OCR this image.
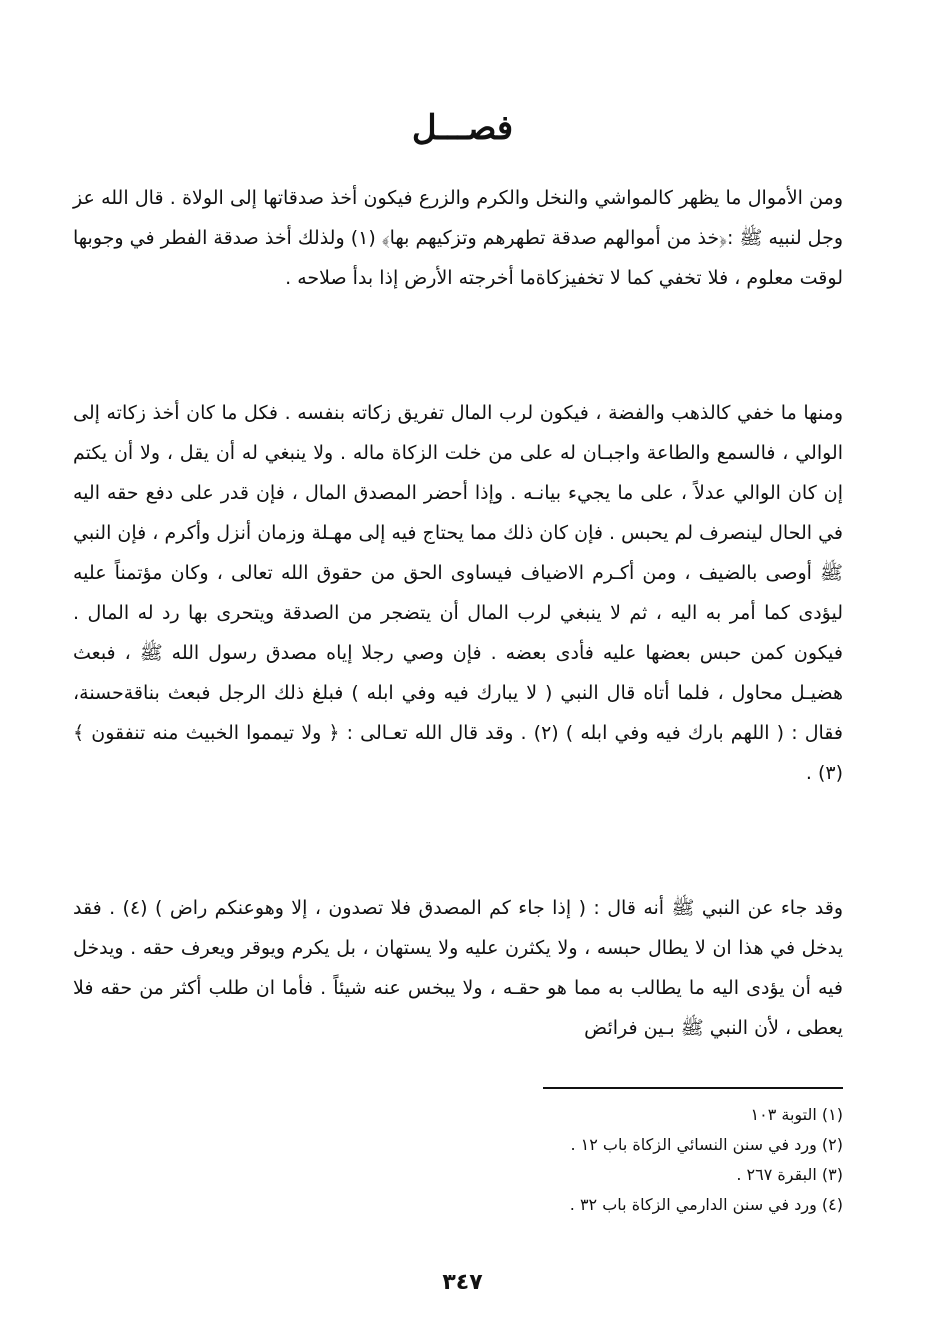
فصـــل

ومن الأموال ما يظهر كالمواشي والنخل والكرم والزرع فيكون أخذ صدقاتها إلى الولاة . قال الله عز وجل لنبيه ﷺ :﴿خذ من أموالهم صدقة تطهرهم وتزكيهم بها﴾ (١) ولذلك أخذ صدقة الفطر في وجوبها لوقت معلوم ، فلا تخفي كما لا تخفيزكاةما أخرجته الأرض إذا بدأ صلاحه .

ومنها ما خفي كالذهب والفضة ، فيكون لرب المال تفريق زكاته بنفسه . فكل ما كان أخذ زكاته إلى الوالي ، فالسمع والطاعة واجبـان له على من خلت الزكاة ماله . ولا ينبغي له أن يقل ، ولا أن يكتم إن كان الوالي عدلاً ، على ما يجيء بيانـه . وإذا أحضر المصدق المال ، فإن قدر على دفع حقه اليه في الحال لينصرف لم يحبس . فإن كان ذلك مما يحتاج فيه إلى مهـلة وزمان أنزل وأكرم ، فإن النبي ﷺ أوصى بالضيف ، ومن أكـرم الاضياف فيساوى الحق من حقوق الله تعالى ، وكان مؤتمناً عليه ليؤدى كما أمر به اليه ، ثم لا ينبغي لرب المال أن يتضجر من الصدقة ويتحرى بها رد له المال . فيكون كمن حبس بعضها عليه فأدى بعضه . فإن وصي رجلا إياه مصدق رسول الله ﷺ ، فبعث هضيـل محاول ، فلما أتاه قال النبي ( لا يبارك فيه وفي ابله ) فبلغ ذلك الرجل فبعث بناقةحسنة، فقال : ( اللهم بارك فيه وفي ابله ) (٢) . وقد قال الله تعـالى : ﴿ ولا تيمموا الخبيث منه تنفقون ﴾ (٣) .

وقد جاء عن النبي ﷺ أنه قال : ( إذا جاء كم المصدق فلا تصدون ، إلا وهوعنكم راض ) (٤) . فقد يدخل في هذا ان لا يطال حبسه ، ولا يكثرن عليه ولا يستهان ، بل يكرم ويوقر ويعرف حقه . ويدخل فيه أن يؤدى اليه ما يطالب به مما هو حقـه ، ولا يبخس عنه شيئاً . فأما ان طلب أكثر من حقه فلا يعطى ، لأن النبي ﷺ بـين فرائض

(١) التوبة ١٠٣
(٢) ورد في سنن النسائي الزكاة باب ١٢ .
(٣) البقرة ٢٦٧ .
(٤) ورد في سنن الدارمي الزكاة باب ٣٢ .
٣٤٧
